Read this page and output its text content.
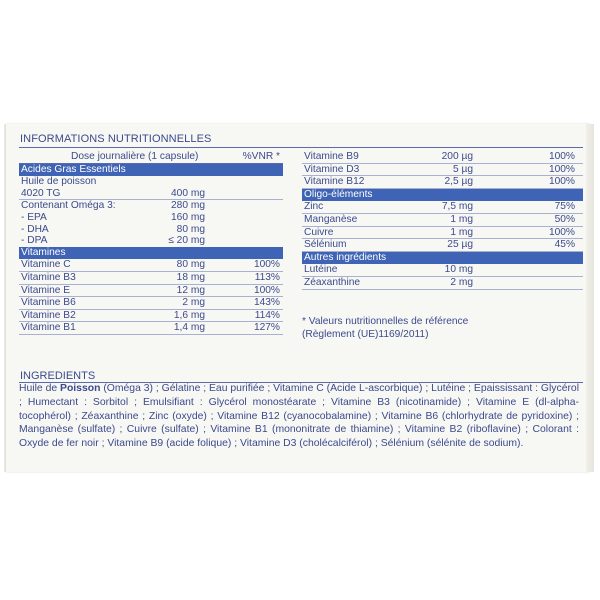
INFORMATIONS NUTRITIONNELLES
Dose journalière (1 capsule)	%VNR *
Acides Gras Essentiels
Huile de poisson
4020 TG	400 mg
Contenant Oméga 3:	280 mg
- EPA	160 mg
- DHA	80 mg
- DPA	≤ 20 mg
Vitamines
Vitamine C	80 mg	100%
Vitamine B3	18 mg	113%
Vitamine E	12 mg	100%
Vitamine B6	2 mg	143%
Vitamine B2	1,6 mg	114%
Vitamine B1	1,4 mg	127%
Vitamine B9	200 µg	100%
Vitamine D3	5 µg	100%
Vitamine B12	2,5 µg	100%
Oligo-éléments
Zinc	7,5 mg	75%
Manganèse	1 mg	50%
Cuivre	1 mg	100%
Sélénium	25 µg	45%
Autres ingrédients
Lutéine	10 mg
Zéaxanthine	2 mg
* Valeurs nutritionnelles de référence
(Règlement (UE)1169/2011)
INGREDIENTS
Huile de Poisson (Oméga 3) ; Gélatine ; Eau purifiée ; Vitamine C (Acide L-ascorbique) ; Lutéine ; Epaississant : Glycérol ; Humectant : Sorbitol ; Emulsifiant : Glycérol monostéarate ; Vitamine B3 (nicotinamide) ; Vitamine E (dl-alpha-tocophérol) ; Zéaxanthine ; Zinc (oxyde) ; Vitamine B12 (cyanocobalamine) ; Vitamine B6 (chlorhydrate de pyridoxine) ; Manganèse (sulfate) ; Cuivre (sulfate) ; Vitamine B1 (mononitrate de thiamine) ; Vitamine B2 (riboflavine) ; Colorant : Oxyde de fer noir ; Vitamine B9 (acide folique) ; Vitamine D3 (cholécalciférol) ; Sélénium (sélénite de sodium).
